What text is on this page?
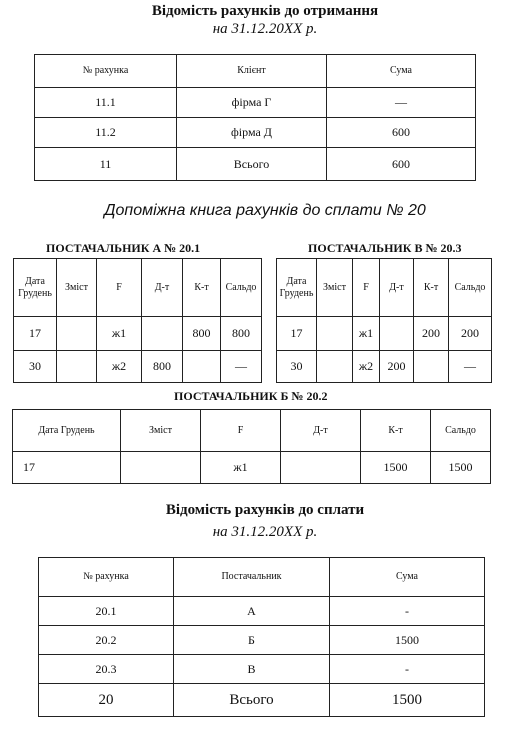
Відомість рахунків до отримання
на 31.12.20XX р.
№ рахунка	Клієнт	Сума
11.1	фірма Г	—
11.2	фірма Д	600
11	Всього	600
Допоміжна книга рахунків до сплати № 20
ПОСТАЧАЛЬНИК А № 20.1
Дата Грудень	Зміст	F	Д-т	К-т	Сальдо
17		ж1		800	800
30		ж2	800		—
ПОСТАЧАЛЬНИК В № 20.3
Дата Грудень	Зміст	F	Д-т	К-т	Сальдо
17		ж1		200	200
30		ж2	200		—
ПОСТАЧАЛЬНИК Б № 20.2
Дата Грудень	Зміст	F	Д-т	К-т	Сальдо
17		ж1		1500	1500
Відомість рахунків до сплати
на 31.12.20XX р.
№ рахунка	Постачальник	Сума
20.1	А	-
20.2	Б	1500
20.3	В	-
20	Всього	1500
